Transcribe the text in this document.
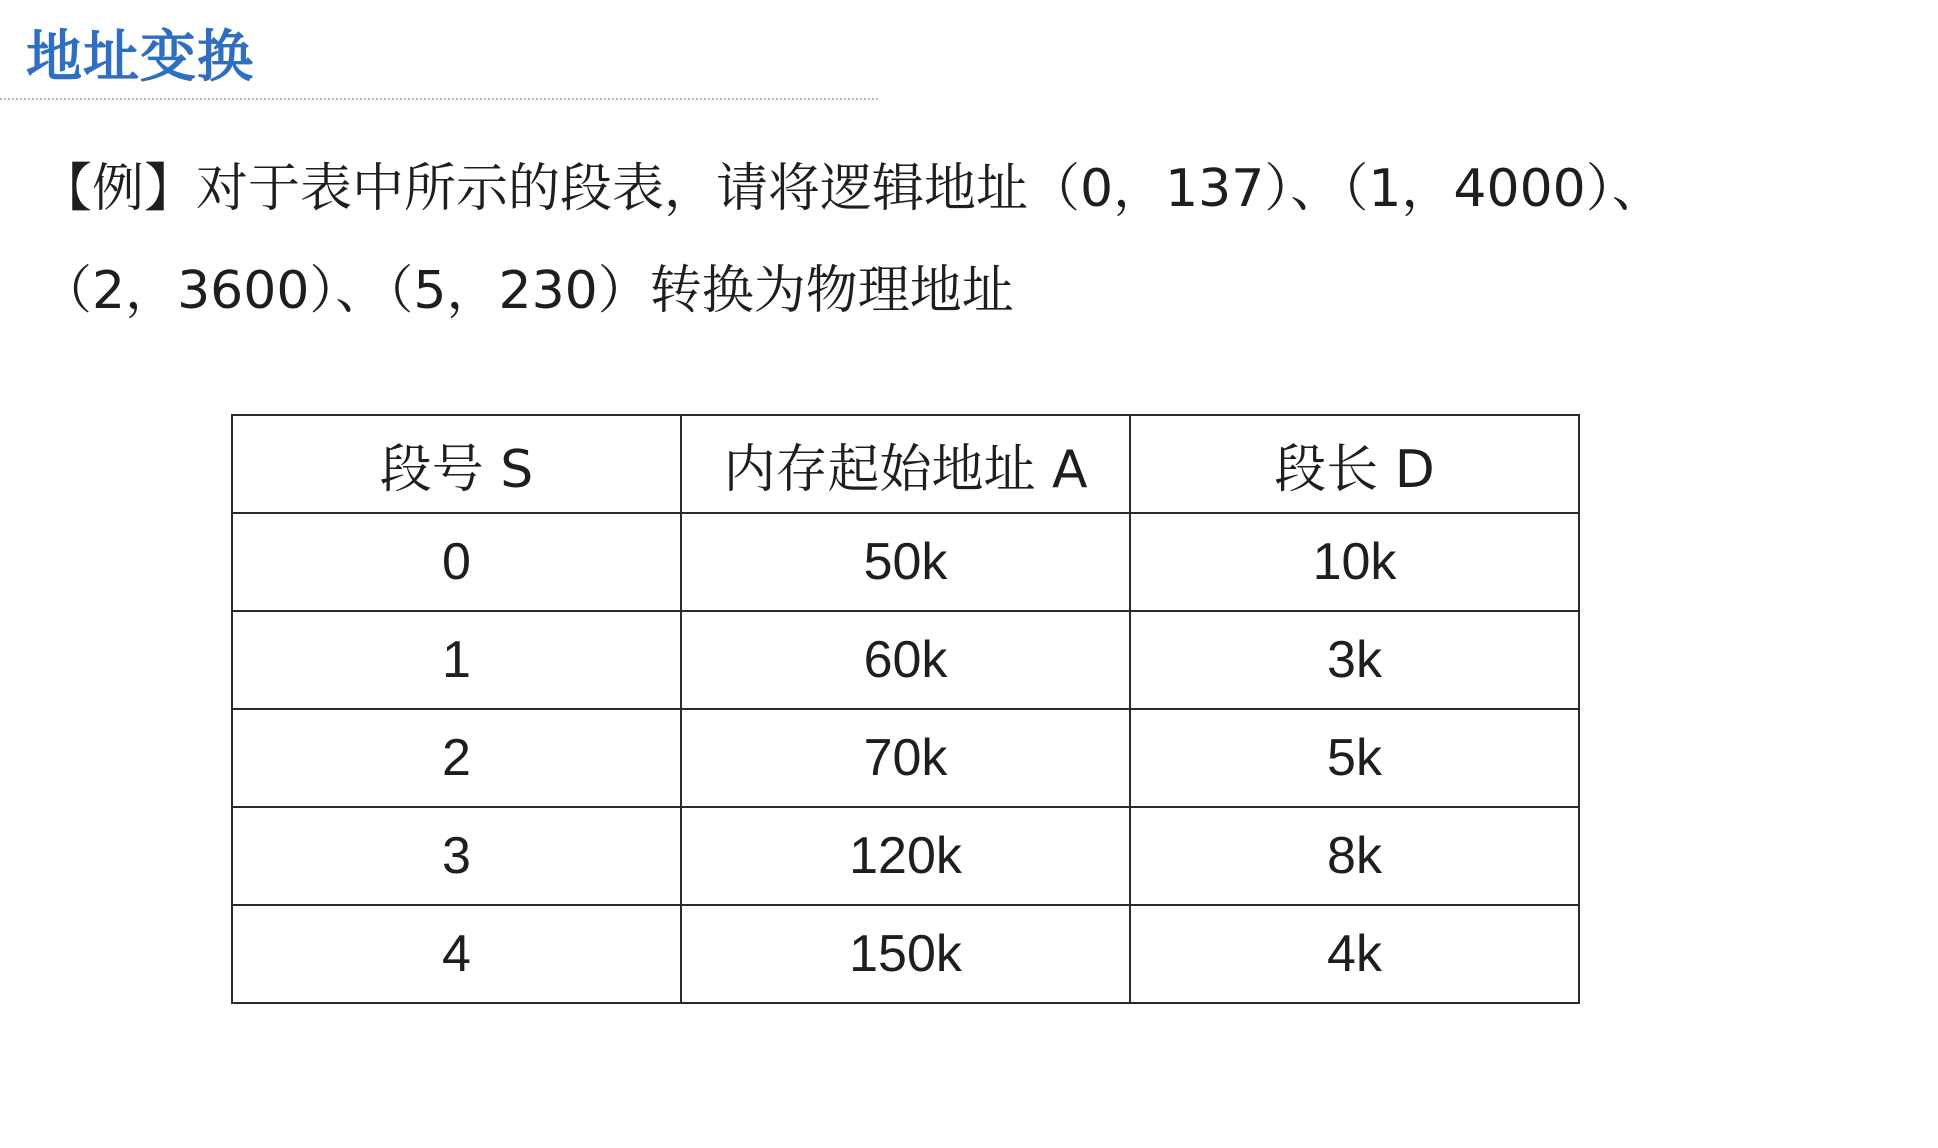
地址变换

【例】对于表中所示的段表，请将逻辑地址（0，137）、（1，4000）、

（2，3600）、（5，230）转换为物理地址

段号 S	内存起始地址 A	段长 D
0	50k	10k
1	60k	3k
2	70k	5k
3	120k	8k
4	150k	4k
